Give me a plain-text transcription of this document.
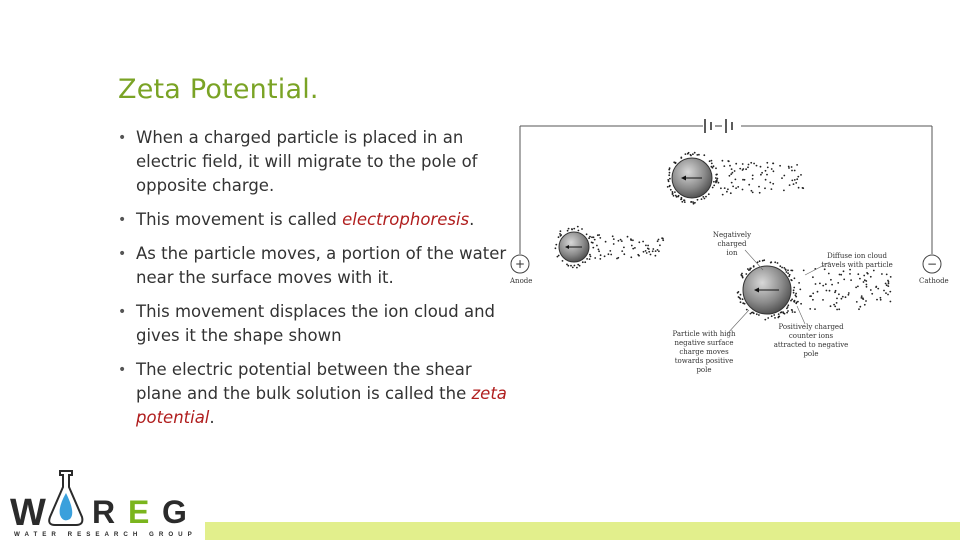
Zeta Potential.
• When a charged particle is placed in an electric field, it will migrate to the pole of opposite charge.
• This movement is called electrophoresis.
• As the particle moves, a portion of the water near the surface moves with it.
• This movement displaces the ion cloud and gives it the shape shown
• The electric potential between the shear plane and the bulk solution is called the zeta potential.
+
Anode
−
Cathode
Negatively
charged
ion	Diffuse ion cloud
travels with particle
Particle with high
negative surface
charge moves
towards positive
pole
Positively charged
counter ions
attracted to negative
pole
W R E G
WATER RESEARCH GROUP
